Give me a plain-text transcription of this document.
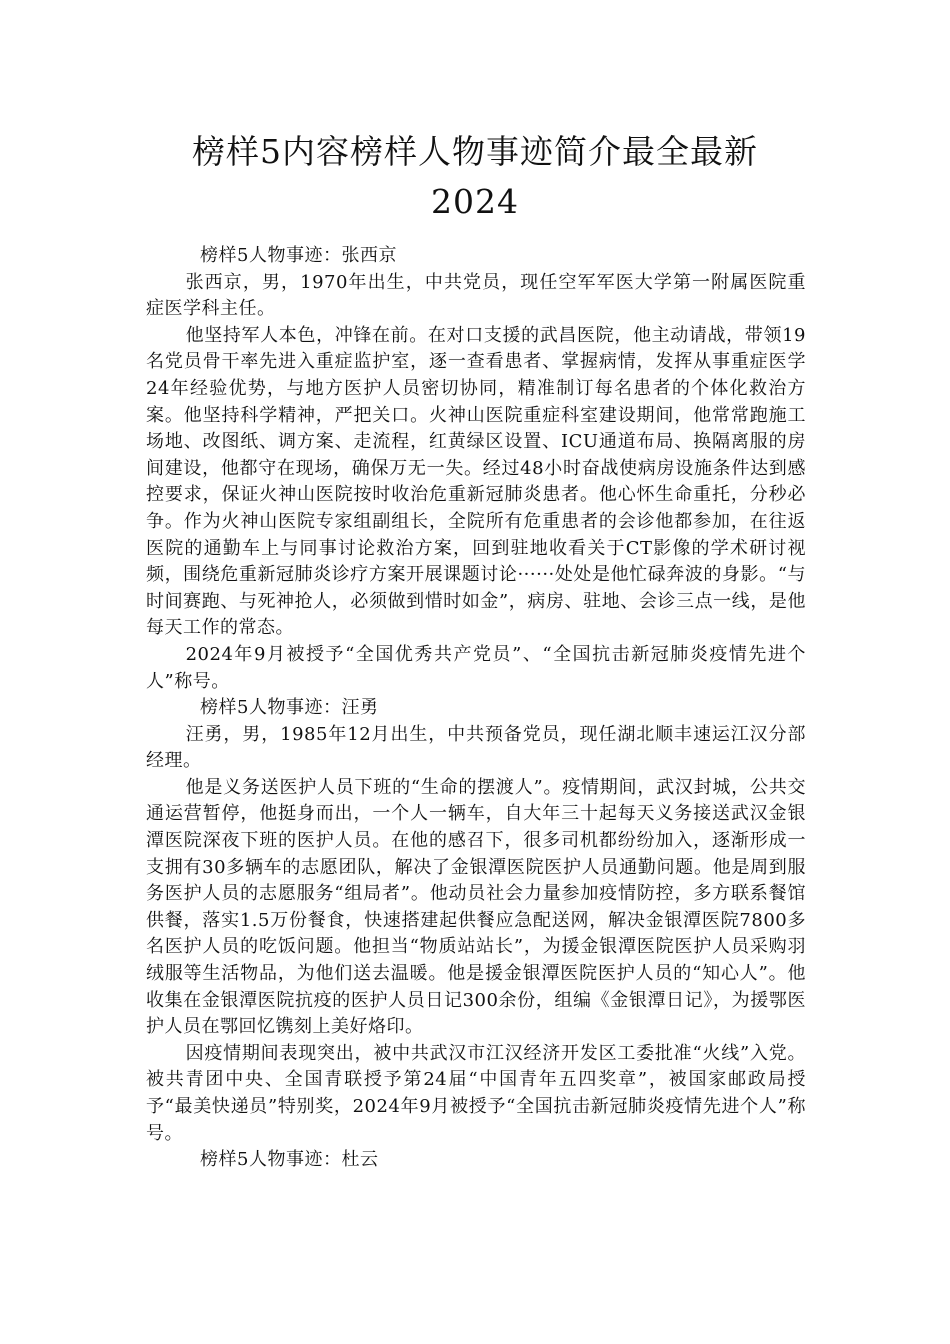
榜样5内容榜样人物事迹简介最全最新
2024

榜样5人物事迹：张西京

张西京，男，1970年出生，中共党员，现任空军军医大学第一附属医院重症医学科主任。

他坚持军人本色，冲锋在前。在对口支援的武昌医院，他主动请战，带领19名党员骨干率先进入重症监护室，逐一查看患者、掌握病情，发挥从事重症医学24年经验优势，与地方医护人员密切协同，精准制订每名患者的个体化救治方案。他坚持科学精神，严把关口。火神山医院重症科室建设期间，他常常跑施工场地、改图纸、调方案、走流程，红黄绿区设置、ICU通道布局、换隔离服的房间建设，他都守在现场，确保万无一失。经过48小时奋战使病房设施条件达到感控要求，保证火神山医院按时收治危重新冠肺炎患者。他心怀生命重托，分秒必争。作为火神山医院专家组副组长，全院所有危重患者的会诊他都参加，在往返医院的通勤车上与同事讨论救治方案，回到驻地收看关于CT影像的学术研讨视频，围绕危重新冠肺炎诊疗方案开展课题讨论······处处是他忙碌奔波的身影。“与时间赛跑、与死神抢人，必须做到惜时如金”，病房、驻地、会诊三点一线，是他每天工作的常态。

2024年9月被授予“全国优秀共产党员”、“全国抗击新冠肺炎疫情先进个人”称号。

榜样5人物事迹：汪勇

汪勇，男，1985年12月出生，中共预备党员，现任湖北顺丰速运江汉分部经理。

他是义务送医护人员下班的“生命的摆渡人”。疫情期间，武汉封城，公共交通运营暂停，他挺身而出，一个人一辆车，自大年三十起每天义务接送武汉金银潭医院深夜下班的医护人员。在他的感召下，很多司机都纷纷加入，逐渐形成一支拥有30多辆车的志愿团队，解决了金银潭医院医护人员通勤问题。他是周到服务医护人员的志愿服务“组局者”。他动员社会力量参加疫情防控，多方联系餐馆供餐，落实1.5万份餐食，快速搭建起供餐应急配送网，解决金银潭医院7800多名医护人员的吃饭问题。他担当“物质站站长”，为援金银潭医院医护人员采购羽绒服等生活物品，为他们送去温暖。他是援金银潭医院医护人员的“知心人”。他收集在金银潭医院抗疫的医护人员日记300余份，组编《金银潭日记》，为援鄂医护人员在鄂回忆镌刻上美好烙印。

因疫情期间表现突出，被中共武汉市江汉经济开发区工委批准“火线”入党。被共青团中央、全国青联授予第24届“中国青年五四奖章”，被国家邮政局授予“最美快递员”特别奖，2024年9月被授予“全国抗击新冠肺炎疫情先进个人”称号。

榜样5人物事迹：杜云
